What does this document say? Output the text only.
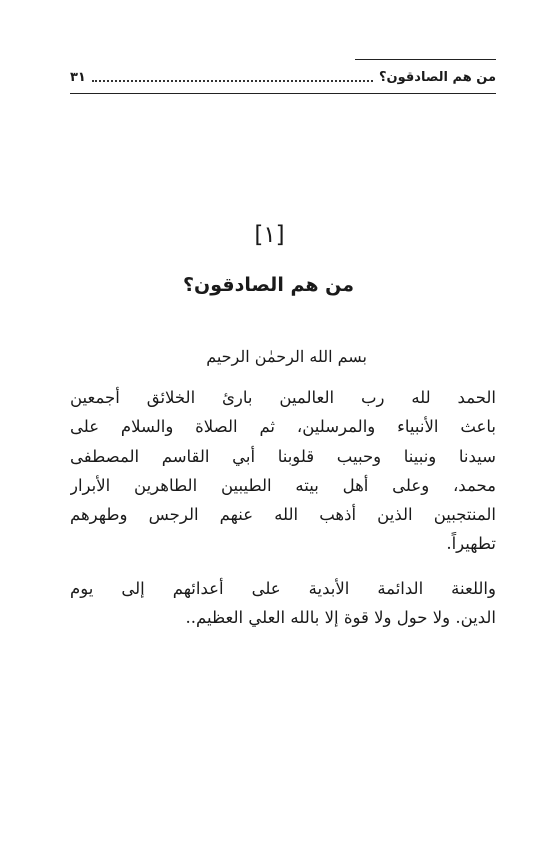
من هم الصادقون؟
٣١
[١]
من هم الصادقون؟
بسم الله الرحمٰن الرحيم
الحمد لله رب العالمين بارئ الخلائق أجمعين
باعث الأنبياء والمرسلين، ثم الصلاة والسلام على
سيدنا ونبينا وحبيب قلوبنا أبي القاسم المصطفى
محمد، وعلى أهل بيته الطيبين الطاهرين الأبرار
المنتجبين الذين أذهب الله عنهم الرجس وطهرهم
تطهيراً.
واللعنة الدائمة الأبدية على أعدائهم إلى يوم
الدين. ولا حول ولا قوة إلا بالله العلي العظيم..
